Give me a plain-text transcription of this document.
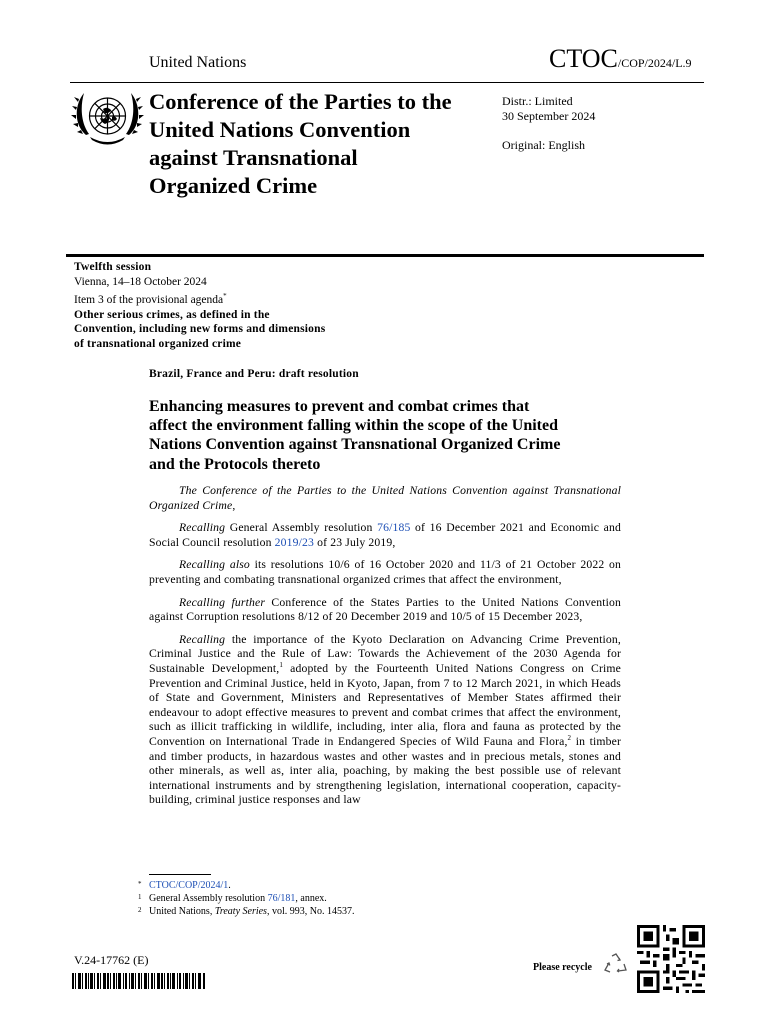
United Nations	CTOC/COP/2024/L.9
Conference of the Parties to the
United Nations Convention
against Transnational
Organized Crime
Distr.: Limited
30 September 2024
Original: English
Twelfth session
Vienna, 14–18 October 2024
Item 3 of the provisional agenda*
Other serious crimes, as defined in the
Convention, including new forms and dimensions
of transnational organized crime
Brazil, France and Peru: draft resolution
Enhancing measures to prevent and combat crimes that
affect the environment falling within the scope of the United
Nations Convention against Transnational Organized Crime
and the Protocols thereto

The Conference of the Parties to the United Nations Convention against Transnational Organized Crime,

Recalling General Assembly resolution 76/185 of 16 December 2021 and Economic and Social Council resolution 2019/23 of 23 July 2019,

Recalling also its resolutions 10/6 of 16 October 2020 and 11/3 of 21 October 2022 on preventing and combating transnational organized crimes that affect the environment,

Recalling further Conference of the States Parties to the United Nations Convention against Corruption resolutions 8/12 of 20 December 2019 and 10/5 of 15 December 2023,

Recalling the importance of the Kyoto Declaration on Advancing Crime Prevention, Criminal Justice and the Rule of Law: Towards the Achievement of the 2030 Agenda for Sustainable Development,$^1$ adopted by the Fourteenth United Nations Congress on Crime Prevention and Criminal Justice, held in Kyoto, Japan, from 7 to 12 March 2021, in which Heads of State and Government, Ministers and Representatives of Member States affirmed their endeavour to adopt effective measures to prevent and combat crimes that affect the environment, such as illicit trafficking in wildlife, including, inter alia, flora and fauna as protected by the Convention on International Trade in Endangered Species of Wild Fauna and Flora,$^2$ in timber and timber products, in hazardous wastes and other wastes and in precious metals, stones and other minerals, as well as, inter alia, poaching, by making the best possible use of relevant international instruments and by strengthening legislation, international cooperation, capacity-building, criminal justice responses and law

* CTOC/COP/2024/1.
1 General Assembly resolution 76/181, annex.
2 United Nations, Treaty Series, vol. 993, No. 14537.
V.24-17762 (E)
Please recycle
